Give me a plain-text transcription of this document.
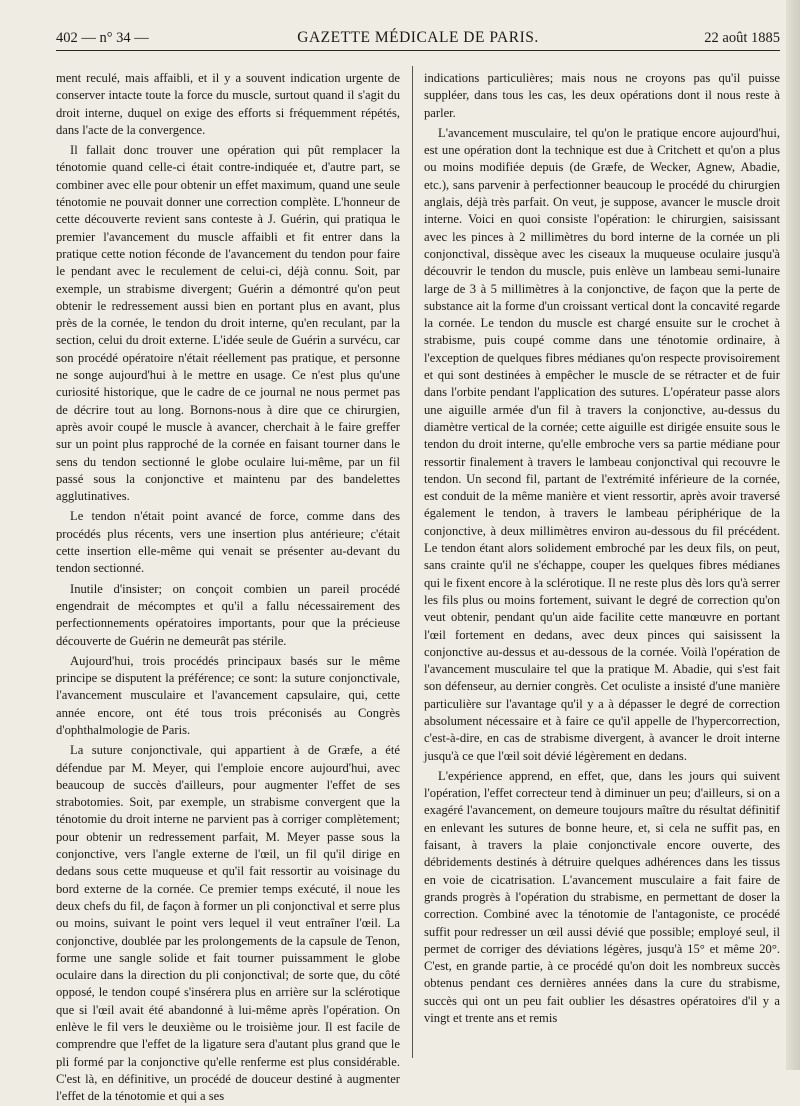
402 — n° 34 —	GAZETTE MÉDICALE DE PARIS.	22 août 1885

ment reculé, mais affaibli, et il y a souvent indication urgente de conserver intacte toute la force du muscle, surtout quand il s'agit du droit interne, duquel on exige des efforts si fréquemment répétés, dans l'acte de la convergence.

Il fallait donc trouver une opération qui pût remplacer la ténotomie quand celle-ci était contre-indiquée et, d'autre part, se combiner avec elle pour obtenir un effet maximum, quand une seule ténotomie ne pouvait donner une correction complète. L'honneur de cette découverte revient sans conteste à J. Guérin, qui pratiqua le premier l'avancement du muscle affaibli et fit entrer dans la pratique cette notion féconde de l'avancement du tendon pour faire le pendant avec le reculement de celui-ci, déjà connu. Soit, par exemple, un strabisme divergent; Guérin a démontré qu'on peut obtenir le redressement aussi bien en portant plus en avant, plus près de la cornée, le tendon du droit interne, qu'en reculant, par la section, celui du droit externe. L'idée seule de Guérin a survécu, car son procédé opératoire n'était réellement pas pratique, et personne ne songe aujourd'hui à le mettre en usage. Ce n'est plus qu'une curiosité historique, que le cadre de ce journal ne nous permet pas de décrire tout au long. Bornons-nous à dire que ce chirurgien, après avoir coupé le muscle à avancer, cherchait à le faire greffer sur un point plus rapproché de la cornée en faisant tourner dans le sens du tendon sectionné le globe oculaire lui-même, par un fil passé sous la conjonctive et maintenu par des bandelettes agglutinatives.

Le tendon n'était point avancé de force, comme dans des procédés plus récents, vers une insertion plus antérieure; c'était cette insertion elle-même qui venait se présenter au-devant du tendon sectionné.

Inutile d'insister; on conçoit combien un pareil procédé engendrait de mécomptes et qu'il a fallu nécessairement des perfectionnements opératoires importants, pour que la précieuse découverte de Guérin ne demeurât pas stérile.

Aujourd'hui, trois procédés principaux basés sur le même principe se disputent la préférence; ce sont: la suture conjonctivale, l'avancement musculaire et l'avancement capsulaire, qui, cette année encore, ont été tous trois préconisés au Congrès d'ophthalmologie de Paris.

La suture conjonctivale, qui appartient à de Græfe, a été défendue par M. Meyer, qui l'emploie encore aujourd'hui, avec beaucoup de succès d'ailleurs, pour augmenter l'effet de ses strabotomies. Soit, par exemple, un strabisme convergent que la ténotomie du droit interne ne parvient pas à corriger complètement; pour obtenir un redressement parfait, M. Meyer passe sous la conjonctive, vers l'angle externe de l'œil, un fil qu'il dirige en dedans sous cette muqueuse et qu'il fait ressortir au voisinage du bord externe de la cornée. Ce premier temps exécuté, il noue les deux chefs du fil, de façon à former un pli conjonctival et serre plus ou moins, suivant le point vers lequel il veut entraîner l'œil. La conjonctive, doublée par les prolongements de la capsule de Tenon, forme une sangle solide et fait tourner puissamment le globe oculaire dans la direction du pli conjonctival; de sorte que, du côté opposé, le tendon coupé s'insérera plus en arrière sur la sclérotique que si l'œil avait été abandonné à lui-même après l'opération. On enlève le fil vers le deuxième ou le troisième jour. Il est facile de comprendre que l'effet de la ligature sera d'autant plus grand que le pli formé par la conjonctive qu'elle renferme est plus considérable. C'est là, en définitive, un procédé de douceur destiné à augmenter l'effet de la ténotomie et qui a ses

indications particulières; mais nous ne croyons pas qu'il puisse suppléer, dans tous les cas, les deux opérations dont il nous reste à parler.

L'avancement musculaire, tel qu'on le pratique encore aujourd'hui, est une opération dont la technique est due à Critchett et qu'on a plus ou moins modifiée depuis (de Græfe, de Wecker, Agnew, Abadie, etc.), sans parvenir à perfectionner beaucoup le procédé du chirurgien anglais, déjà très parfait. On veut, je suppose, avancer le muscle droit interne. Voici en quoi consiste l'opération: le chirurgien, saisissant avec les pinces à 2 millimètres du bord interne de la cornée un pli conjonctival, dissèque avec les ciseaux la muqueuse oculaire jusqu'à découvrir le tendon du muscle, puis enlève un lambeau semi-lunaire large de 3 à 5 millimètres à la conjonctive, de façon que la perte de substance ait la forme d'un croissant vertical dont la concavité regarde la cornée. Le tendon du muscle est chargé ensuite sur le crochet à strabisme, puis coupé comme dans une ténotomie ordinaire, à l'exception de quelques fibres médianes qu'on respecte provisoirement et qui sont destinées à empêcher le muscle de se rétracter et de fuir dans l'orbite pendant l'application des sutures. L'opérateur passe alors une aiguille armée d'un fil à travers la conjonctive, au-dessus du diamètre vertical de la cornée; cette aiguille est dirigée ensuite sous le tendon du droit interne, qu'elle embroche vers sa partie médiane pour ressortir finalement à travers le lambeau conjonctival qui recouvre le tendon. Un second fil, partant de l'extrémité inférieure de la cornée, est conduit de la même manière et vient ressortir, après avoir traversé également le tendon, à travers le lambeau périphérique de la conjonctive, à deux millimètres environ au-dessous du fil précédent. Le tendon étant alors solidement embroché par les deux fils, on peut, sans crainte qu'il ne s'échappe, couper les quelques fibres médianes qui le fixent encore à la sclérotique. Il ne reste plus dès lors qu'à serrer les fils plus ou moins fortement, suivant le degré de correction qu'on veut obtenir, pendant qu'un aide facilite cette manœuvre en portant l'œil fortement en dedans, avec deux pinces qui saisissent la conjonctive au-dessus et au-dessous de la cornée. Voilà l'opération de l'avancement musculaire tel que la pratique M. Abadie, qui s'est fait son défenseur, au dernier congrès. Cet oculiste a insisté d'une manière particulière sur l'avantage qu'il y a à dépasser le degré de correction absolument nécessaire et à faire ce qu'il appelle de l'hypercorrection, c'est-à-dire, en cas de strabisme divergent, à avancer le droit interne jusqu'à ce que l'œil soit dévié légèrement en dedans.

L'expérience apprend, en effet, que, dans les jours qui suivent l'opération, l'effet correcteur tend à diminuer un peu; d'ailleurs, si on a exagéré l'avancement, on demeure toujours maître du résultat définitif en enlevant les sutures de bonne heure, et, si cela ne suffit pas, en faisant, à travers la plaie conjonctivale encore ouverte, des débridements destinés à détruire quelques adhérences dans les tissus en voie de cicatrisation. L'avancement musculaire a fait faire de grands progrès à l'opération du strabisme, en permettant de doser la correction. Combiné avec la ténotomie de l'antagoniste, ce procédé suffit pour redresser un œil aussi dévié que possible; employé seul, il permet de corriger des déviations légères, jusqu'à 15° et même 20°. C'est, en grande partie, à ce procédé qu'on doit les nombreux succès obtenus pendant ces dernières années dans la cure du strabisme, succès qui ont un peu fait oublier les désastres opératoires d'il y a vingt et trente ans et remis
